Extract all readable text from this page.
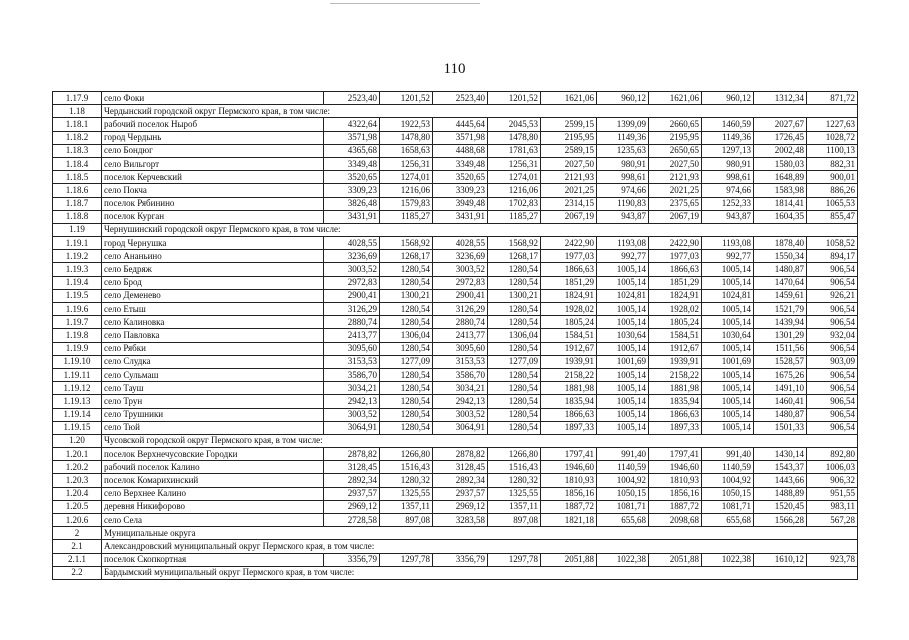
110
1.17.9	село Фоки	2523,40	1201,52	2523,40	1201,52	1621,06	960,12	1621,06	960,12	1312,34	871,72
1.18	Чердынский городской округ Пермского края, в том числе:										
1.18.1	рабочий поселок Ныроб	4322,64	1922,53	4445,64	2045,53	2599,15	1399,09	2660,65	1460,59	2027,67	1227,63
1.18.2	город Чердынь	3571,98	1478,80	3571,98	1478,80	2195,95	1149,36	2195,95	1149,36	1726,45	1028,72
1.18.3	село Бондюг	4365,68	1658,63	4488,68	1781,63	2589,15	1235,63	2650,65	1297,13	2002,48	1100,13
1.18.4	село Вильгорт	3349,48	1256,31	3349,48	1256,31	2027,50	980,91	2027,50	980,91	1580,03	882,31
1.18.5	поселок Керчевский	3520,65	1274,01	3520,65	1274,01	2121,93	998,61	2121,93	998,61	1648,89	900,01
1.18.6	село Покча	3309,23	1216,06	3309,23	1216,06	2021,25	974,66	2021,25	974,66	1583,98	886,26
1.18.7	поселок Рябинино	3826,48	1579,83	3949,48	1702,83	2314,15	1190,83	2375,65	1252,33	1814,41	1065,53
1.18.8	поселок Курган	3431,91	1185,27	3431,91	1185,27	2067,19	943,87	2067,19	943,87	1604,35	855,47
1.19	Чернушинский городской округ Пермского края, в том числе:										
1.19.1	город Чернушка	4028,55	1568,92	4028,55	1568,92	2422,90	1193,08	2422,90	1193,08	1878,40	1058,52
1.19.2	село Ананьино	3236,69	1268,17	3236,69	1268,17	1977,03	992,77	1977,03	992,77	1550,34	894,17
1.19.3	село Бедряж	3003,52	1280,54	3003,52	1280,54	1866,63	1005,14	1866,63	1005,14	1480,87	906,54
1.19.4	село Брод	2972,83	1280,54	2972,83	1280,54	1851,29	1005,14	1851,29	1005,14	1470,64	906,54
1.19.5	село Деменево	2900,41	1300,21	2900,41	1300,21	1824,91	1024,81	1824,91	1024,81	1459,61	926,21
1.19.6	село Етыш	3126,29	1280,54	3126,29	1280,54	1928,02	1005,14	1928,02	1005,14	1521,79	906,54
1.19.7	село Калиновка	2880,74	1280,54	2880,74	1280,54	1805,24	1005,14	1805,24	1005,14	1439,94	906,54
1.19.8	село Павловка	2413,77	1306,04	2413,77	1306,04	1584,51	1030,64	1584,51	1030,64	1301,29	932,04
1.19.9	село Рябки	3095,60	1280,54	3095,60	1280,54	1912,67	1005,14	1912,67	1005,14	1511,56	906,54
1.19.10	село Слудка	3153,53	1277,09	3153,53	1277,09	1939,91	1001,69	1939,91	1001,69	1528,57	903,09
1.19.11	село Сульмаш	3586,70	1280,54	3586,70	1280,54	2158,22	1005,14	2158,22	1005,14	1675,26	906,54
1.19.12	село Тауш	3034,21	1280,54	3034,21	1280,54	1881,98	1005,14	1881,98	1005,14	1491,10	906,54
1.19.13	село Трун	2942,13	1280,54	2942,13	1280,54	1835,94	1005,14	1835,94	1005,14	1460,41	906,54
1.19.14	село Трушники	3003,52	1280,54	3003,52	1280,54	1866,63	1005,14	1866,63	1005,14	1480,87	906,54
1.19.15	село Тюй	3064,91	1280,54	3064,91	1280,54	1897,33	1005,14	1897,33	1005,14	1501,33	906,54
1.20	Чусовской городской округ Пермского края, в том числе:										
1.20.1	поселок Верхнечусовские Городки	2878,82	1266,80	2878,82	1266,80	1797,41	991,40	1797,41	991,40	1430,14	892,80
1.20.2	рабочий поселок Калино	3128,45	1516,43	3128,45	1516,43	1946,60	1140,59	1946,60	1140,59	1543,37	1006,03
1.20.3	поселок Комарихинский	2892,34	1280,32	2892,34	1280,32	1810,93	1004,92	1810,93	1004,92	1443,66	906,32
1.20.4	село Верхнее Калино	2937,57	1325,55	2937,57	1325,55	1856,16	1050,15	1856,16	1050,15	1488,89	951,55
1.20.5	деревня Никифорово	2969,12	1357,11	2969,12	1357,11	1887,72	1081,71	1887,72	1081,71	1520,45	983,11
1.20.6	село Села	2728,58	897,08	3283,58	897,08	1821,18	655,68	2098,68	655,68	1566,28	567,28
2	Муниципальные округа										
2.1	Александровский муниципальный округ Пермского края, в том числе:										
2.1.1	поселок Скопкортная	3356,79	1297,78	3356,79	1297,78	2051,88	1022,38	2051,88	1022,38	1610,12	923,78
2.2	Бардымский муниципальный округ Пермского края, в том числе:										
